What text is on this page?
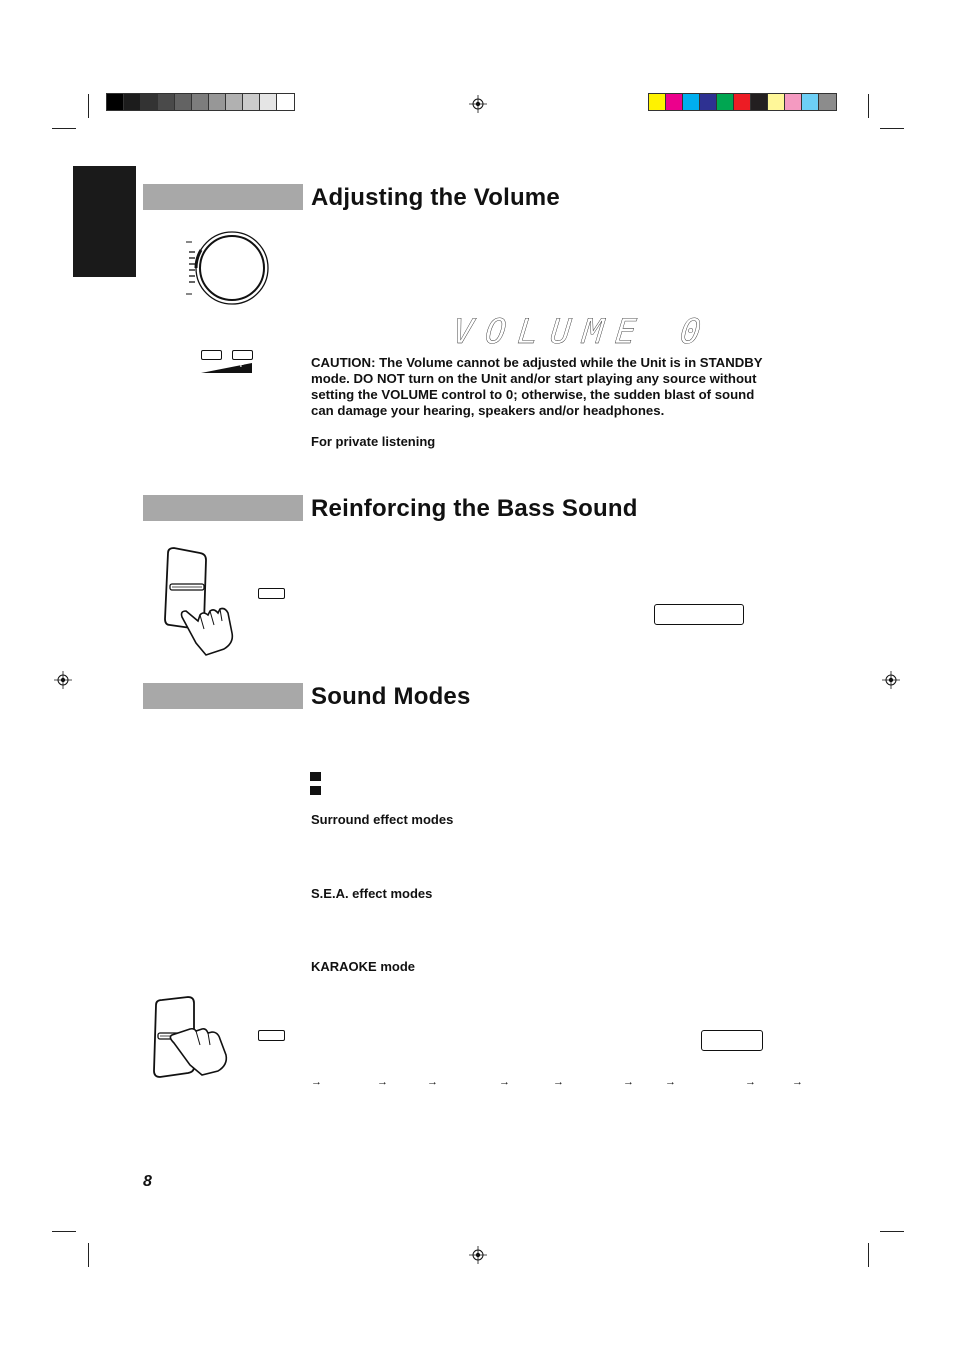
Adjusting the Volume
VOLUME 0
–	+	CAUTION: The Volume cannot be adjusted while the Unit is in STANDBY
mode. DO NOT turn on the Unit and/or start playing any source without
setting the VOLUME control to 0; otherwise, the sudden blast of sound
can damage your hearing, speakers and/or headphones.
For private listening
Reinforcing the Bass Sound
Sound Modes
Surround effect modes
S.E.A. effect modes
KARAOKE mode
→	→	→	→	→	→	→	→	→
8
